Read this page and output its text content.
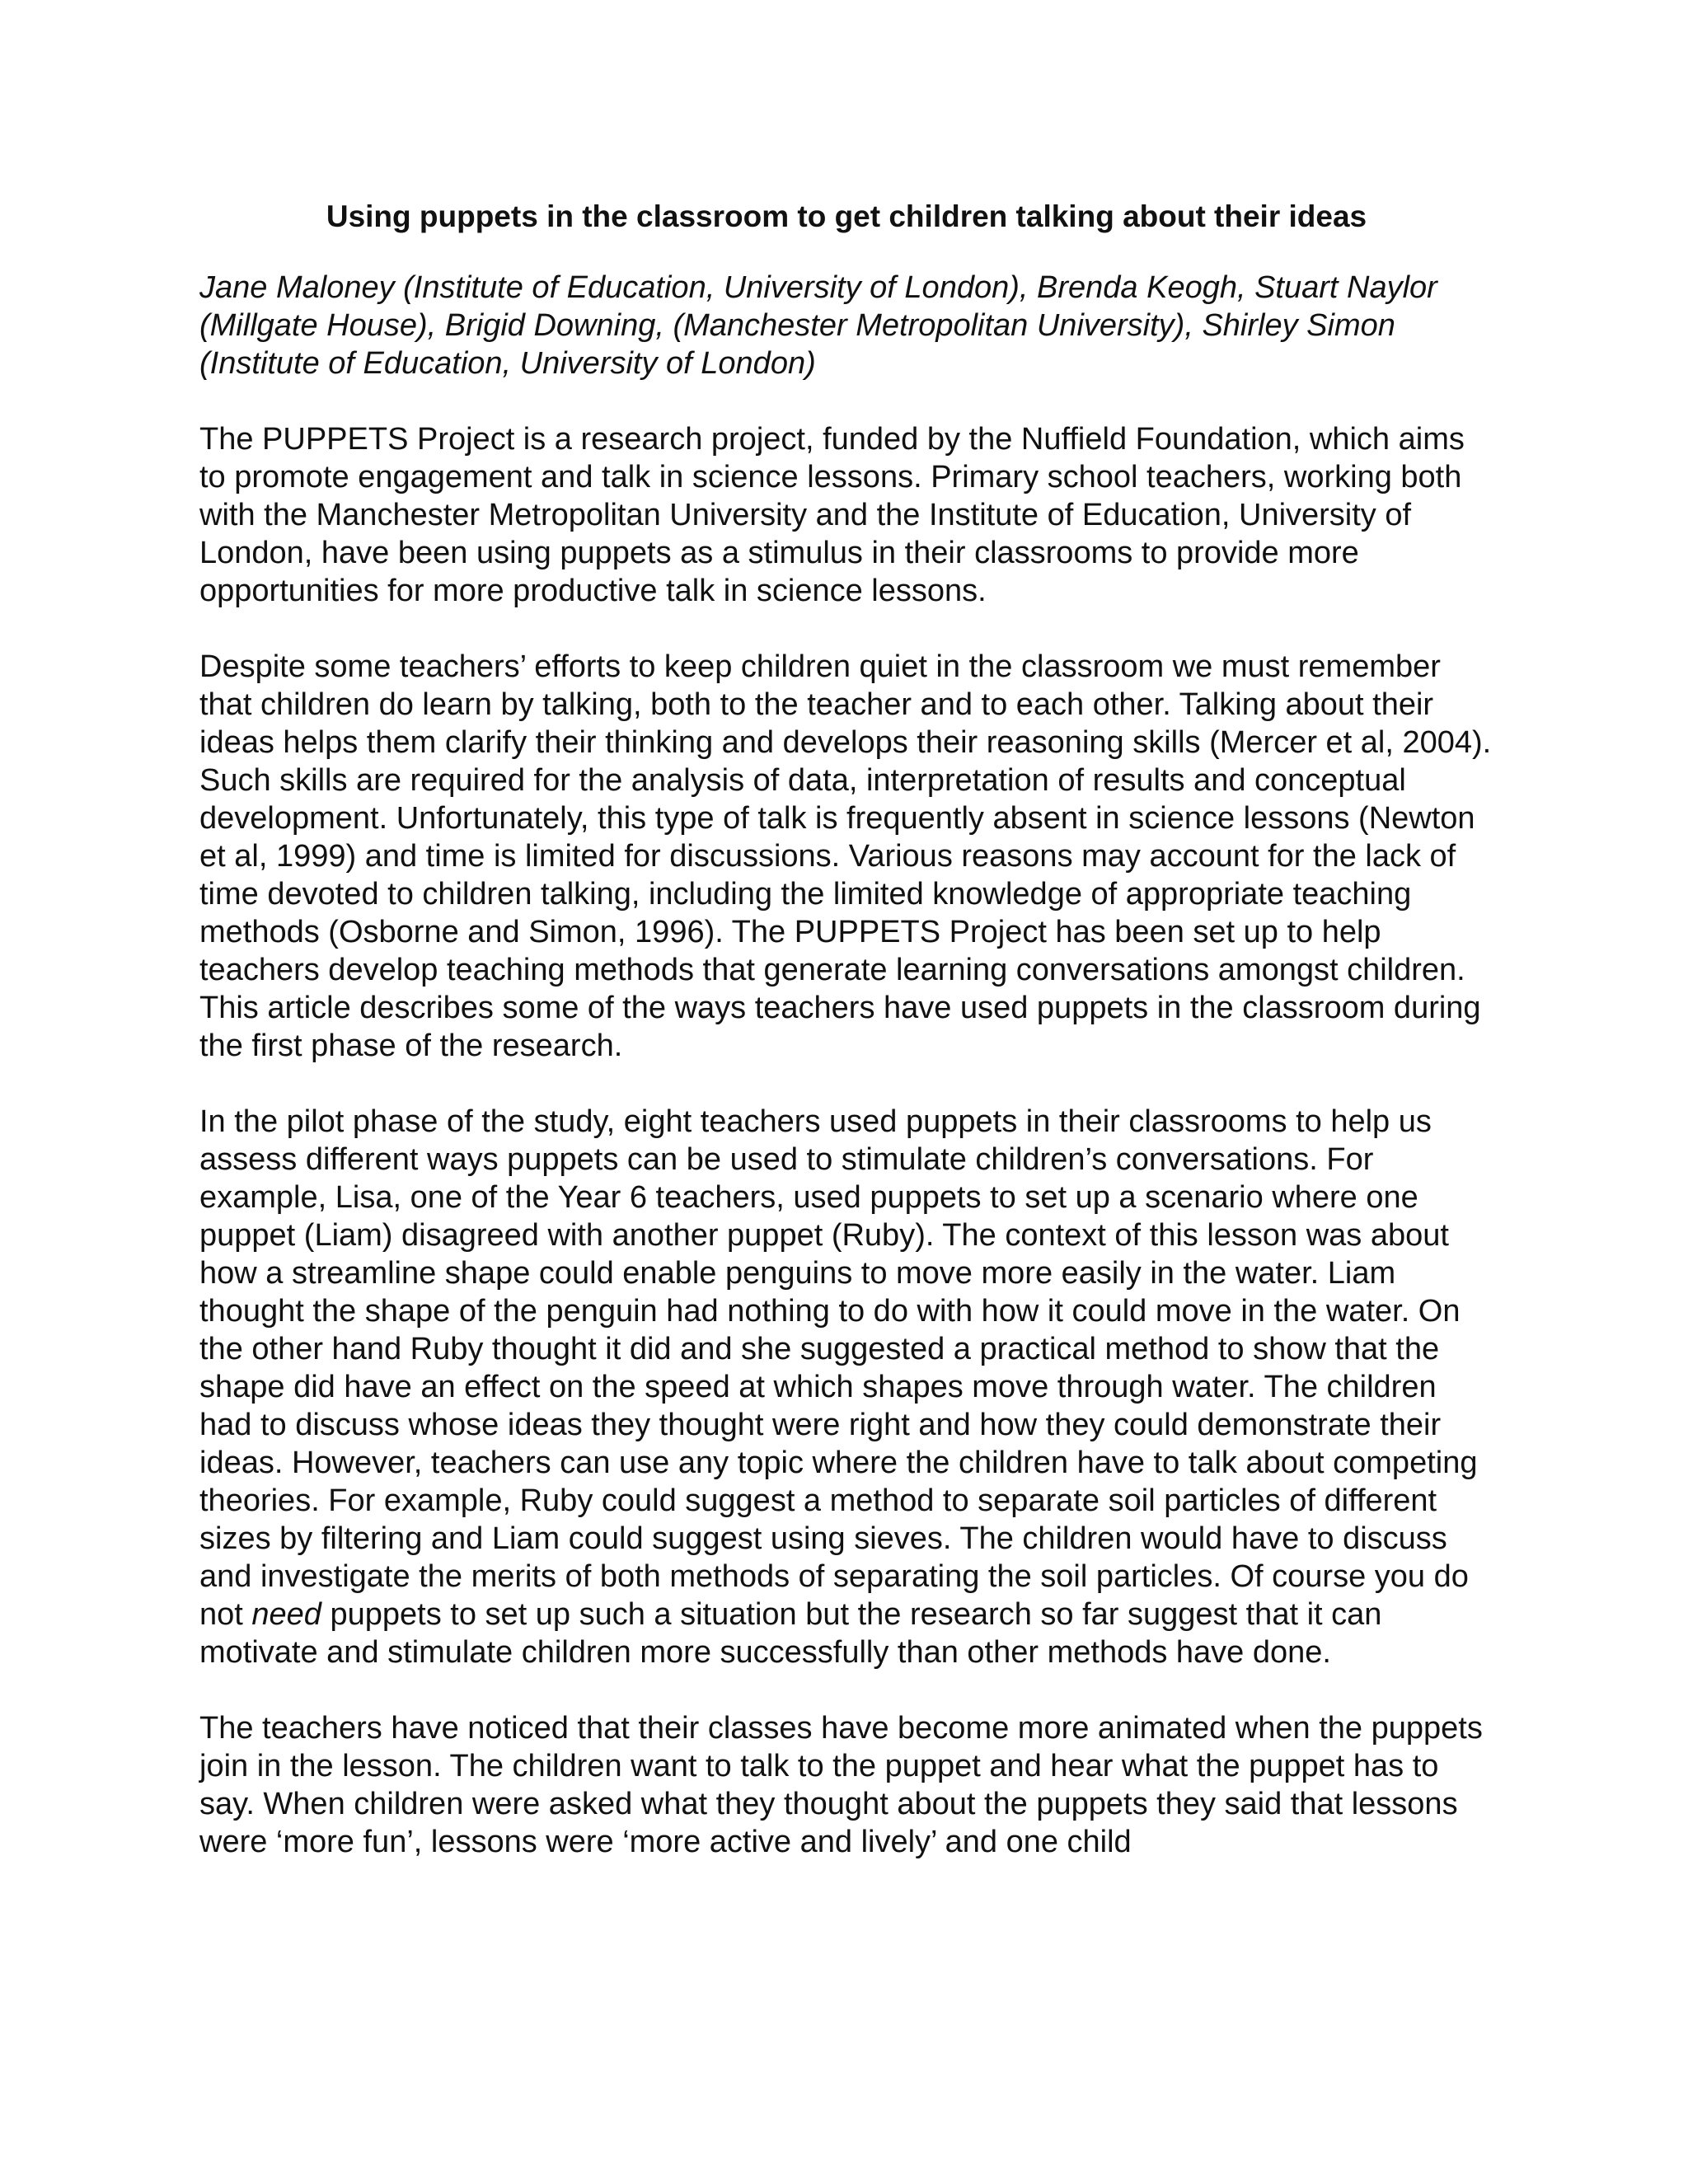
Using puppets in the classroom to get children talking about their ideas
Jane Maloney (Institute of Education, University of London), Brenda Keogh, Stuart Naylor (Millgate House), Brigid Downing, (Manchester Metropolitan University), Shirley Simon (Institute of Education, University of London)

The PUPPETS Project is a research project, funded by the Nuffield Foundation, which aims to promote engagement and talk in science lessons. Primary school teachers, working both with the Manchester Metropolitan University and the Institute of Education, University of London, have been using puppets as a stimulus in their classrooms to provide more opportunities for more productive talk in science lessons.

Despite some teachers’ efforts to keep children quiet in the classroom we must remember that children do learn by talking, both to the teacher and to each other. Talking about their ideas helps them clarify their thinking and develops their reasoning skills (Mercer et al, 2004). Such skills are required for the analysis of data, interpretation of results and conceptual development. Unfortunately, this type of talk is frequently absent in science lessons (Newton et al, 1999) and time is limited for discussions. Various reasons may account for the lack of time devoted to children talking, including the limited knowledge of appropriate teaching methods (Osborne and Simon, 1996). The PUPPETS Project has been set up to help teachers develop teaching methods that generate learning conversations amongst children. This article describes some of the ways teachers have used puppets in the classroom during the first phase of the research.

In the pilot phase of the study, eight teachers used puppets in their classrooms to help us assess different ways puppets can be used to stimulate children’s conversations. For example, Lisa, one of the Year 6 teachers, used puppets to set up a scenario where one puppet (Liam) disagreed with another puppet (Ruby). The context of this lesson was about how a streamline shape could enable penguins to move more easily in the water. Liam thought the shape of the penguin had nothing to do with how it could move in the water. On the other hand Ruby thought it did and she suggested a practical method to show that the shape did have an effect on the speed at which shapes move through water. The children had to discuss whose ideas they thought were right and how they could demonstrate their ideas. However, teachers can use any topic where the children have to talk about competing theories. For example, Ruby could suggest a method to separate soil particles of different sizes by filtering and Liam could suggest using sieves. The children would have to discuss and investigate the merits of both methods of separating the soil particles. Of course you do not need puppets to set up such a situation but the research so far suggest that it can motivate and stimulate children more successfully than other methods have done.

The teachers have noticed that their classes have become more animated when the puppets join in the lesson. The children want to talk to the puppet and hear what the puppet has to say. When children were asked what they thought about the puppets they said that lessons were ‘more fun’, lessons were ‘more active and lively’ and one child
